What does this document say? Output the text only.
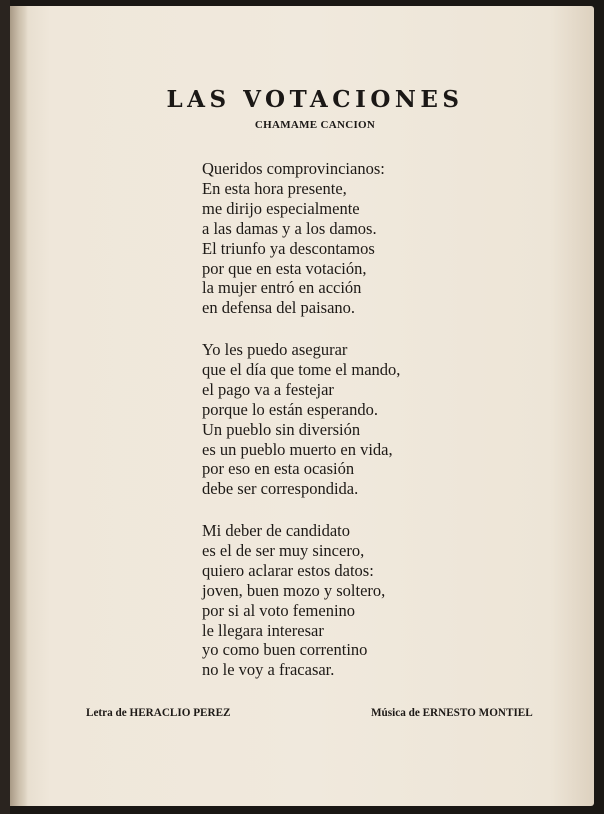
LAS VOTACIONES
CHAMAME CANCION
Queridos comprovincianos:
En esta hora presente,
me dirijo especialmente
a las damas y a los damos.
El triunfo ya descontamos
por que en esta votación,
la mujer entró en acción
en defensa del paisano.
Yo les puedo asegurar
que el día que tome el mando,
el pago va a festejar
porque lo están esperando.
Un pueblo sin diversión
es un pueblo muerto en vida,
por eso en esta ocasión
debe ser correspondida.
Mi deber de candidato
es el de ser muy sincero,
quiero aclarar estos datos:
joven, buen mozo y soltero,
por si al voto femenino
le llegara interesar
yo como buen correntino
no le voy a fracasar.
Letra de HERACLIO PEREZ	Música de ERNESTO MONTIEL
